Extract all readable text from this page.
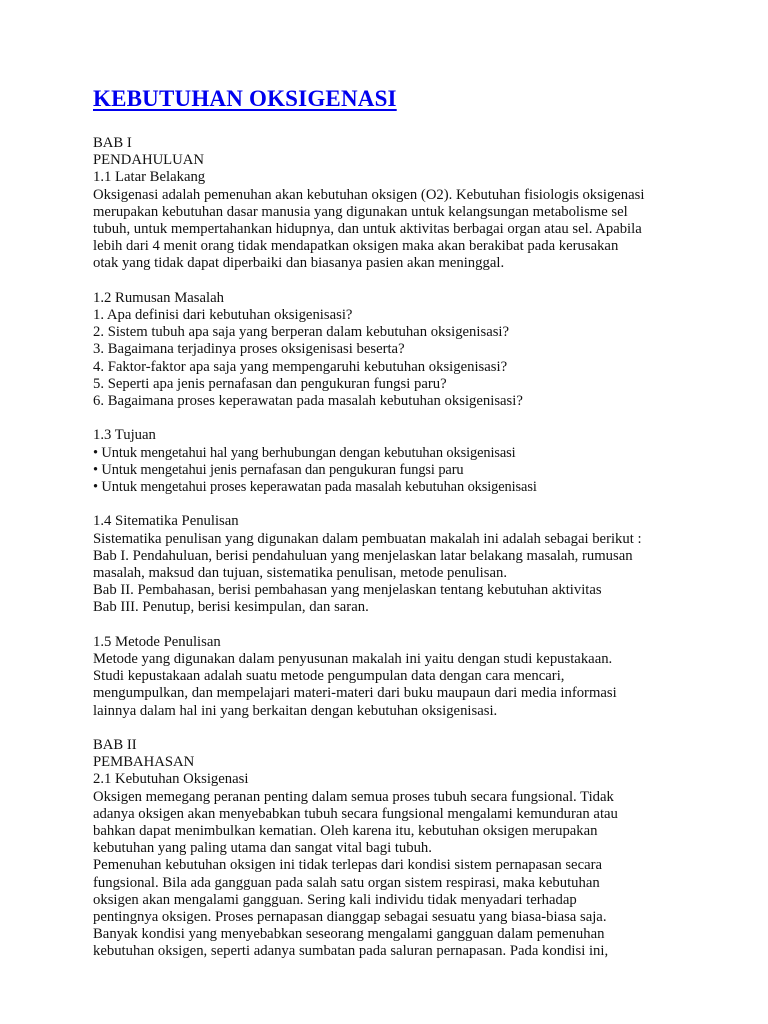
KEBUTUHAN OKSIGENASI
BAB I
PENDAHULUAN
1.1 Latar Belakang
Oksigenasi adalah pemenuhan akan kebutuhan oksigen (O2). Kebutuhan fisiologis oksigenasi
merupakan kebutuhan dasar manusia yang digunakan untuk kelangsungan metabolisme sel
tubuh, untuk mempertahankan hidupnya, dan untuk aktivitas berbagai organ atau sel. Apabila
lebih dari 4 menit orang tidak mendapatkan oksigen maka akan berakibat pada kerusakan
otak yang tidak dapat diperbaiki dan biasanya pasien akan meninggal.
1.2 Rumusan Masalah
1. Apa definisi dari kebutuhan oksigenisasi?
2. Sistem tubuh apa saja yang berperan dalam kebutuhan oksigenisasi?
3. Bagaimana terjadinya proses oksigenisasi beserta?
4. Faktor-faktor apa saja yang mempengaruhi kebutuhan oksigenisasi?
5. Seperti apa jenis pernafasan dan pengukuran fungsi paru?
6. Bagaimana proses keperawatan pada masalah kebutuhan oksigenisasi?
1.3 Tujuan
• Untuk mengetahui hal yang berhubungan dengan kebutuhan oksigenisasi
• Untuk mengetahui jenis pernafasan dan pengukuran fungsi paru
• Untuk mengetahui proses keperawatan pada masalah kebutuhan oksigenisasi
1.4 Sitematika Penulisan
Sistematika penulisan yang digunakan dalam pembuatan makalah ini adalah sebagai berikut :
Bab I. Pendahuluan, berisi pendahuluan yang menjelaskan latar belakang masalah, rumusan
masalah, maksud dan tujuan, sistematika penulisan, metode penulisan.
Bab II. Pembahasan, berisi pembahasan yang menjelaskan tentang kebutuhan aktivitas
Bab III. Penutup, berisi kesimpulan, dan saran.
1.5 Metode Penulisan
Metode yang digunakan dalam penyusunan makalah ini yaitu dengan studi kepustakaan.
Studi kepustakaan adalah suatu metode pengumpulan data dengan cara mencari,
mengumpulkan, dan mempelajari materi-materi dari buku maupaun dari media informasi
lainnya dalam hal ini yang berkaitan dengan kebutuhan oksigenisasi.
BAB II
PEMBAHASAN
2.1 Kebutuhan Oksigenasi
Oksigen memegang peranan penting dalam semua proses tubuh secara fungsional. Tidak
adanya oksigen akan menyebabkan tubuh secara fungsional mengalami kemunduran atau
bahkan dapat menimbulkan kematian. Oleh karena itu, kebutuhan oksigen merupakan
kebutuhan yang paling utama dan sangat vital bagi tubuh.
Pemenuhan kebutuhan oksigen ini tidak terlepas dari kondisi sistem pernapasan secara
fungsional. Bila ada gangguan pada salah satu organ sistem respirasi, maka kebutuhan
oksigen akan mengalami gangguan. Sering kali individu tidak menyadari terhadap
pentingnya oksigen. Proses pernapasan dianggap sebagai sesuatu yang biasa-biasa saja.
Banyak kondisi yang menyebabkan seseorang mengalami gangguan dalam pemenuhan
kebutuhan oksigen, seperti adanya sumbatan pada saluran pernapasan. Pada kondisi ini,
